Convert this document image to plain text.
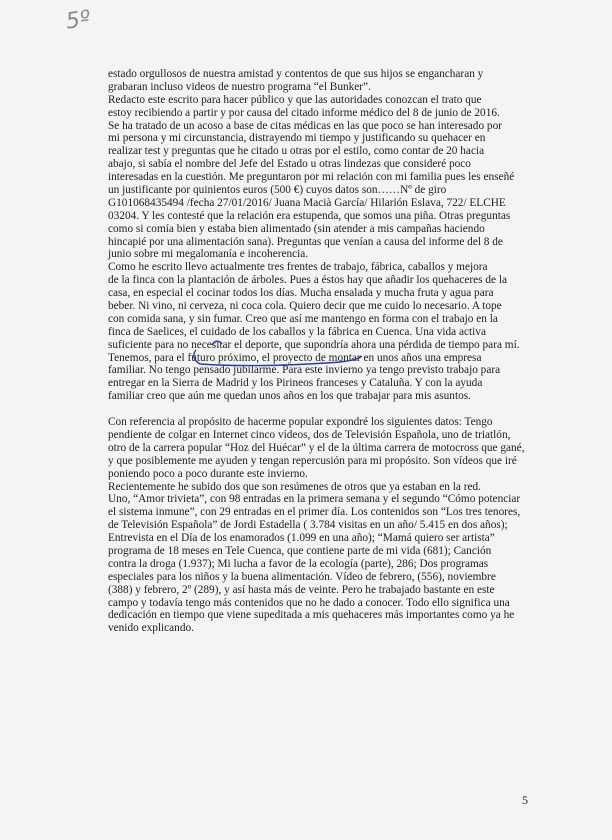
5º
estado orgullosos de nuestra amistad y contentos de que sus hijos se engancharan y
grabaran incluso videos de nuestro programa “el Bunker”.
Redacto este escrito para hacer público y que las autoridades conozcan el trato que
estoy recibiendo a partir y por causa del citado informe médico del 8 de junio de 2016.
Se ha tratado de un acoso a base de citas médicas en las que poco se han interesado por
mi persona y mi circunstancia, distrayendo mi tiempo y justificando su quehacer en
realizar test y preguntas que he citado u otras por el estilo, como contar de 20 hacia
abajo, si sabía el nombre del Jefe del Estado u otras lindezas que consideré poco
interesadas en la cuestión. Me preguntaron por mi relación con mi familia pues les enseñé
un justificante por quinientos euros (500 €) cuyos datos son……Nº de giro
G101068435494 /fecha 27/01/2016/ Juana Macià García/ Hilarión Eslava, 722/ ELCHE
03204. Y les contesté que la relación era estupenda, que somos una piña. Otras preguntas
como si comía bien y estaba bien alimentado (sin atender a mis campañas haciendo
hincapié por una alimentación sana). Preguntas que venían a causa del informe del 8 de
junio sobre mi megalomanía e incoherencia.
Como he escrito llevo actualmente tres frentes de trabajo, fábrica, caballos y mejora
de la finca con la plantación de árboles. Pues a éstos hay que añadir los quehaceres de la
casa, en especial el cocinar todos los días. Mucha ensalada y mucha fruta y agua para
beber. Ni vino, ni cerveza, ni coca cola. Quiero decir que me cuido lo necesario. A tope
con comida sana, y sin fumar. Creo que así me mantengo en forma con el trabajo en la
finca de Saelices, el cuidado de los caballos y la fábrica en Cuenca. Una vida activa
suficiente para no necesitar el deporte, que supondría ahora una pérdida de tiempo para mí.
Tenemos, para el futuro próximo, el proyecto de montar en unos años una empresa
familiar. No tengo pensado jubilarme. Para este invierno ya tengo previsto trabajo para
entregar en la Sierra de Madrid y los Pirineos franceses y Cataluña. Y con la ayuda
familiar creo que aún me quedan unos años en los que trabajar para mis asuntos.
Con referencia al propósito de hacerme popular expondré los siguientes datos: Tengo
pendiente de colgar en Internet cinco vídeos, dos de Televisión Española, uno de triatlón,
otro de la carrera popular “Hoz del Huécar” y el de la última carrera de motocross que gané,
y que posiblemente me ayuden y tengan repercusión para mi propósito. Son vídeos que iré
poniendo poco a poco durante este invierno.
Recientemente he subido dos que son resúmenes de otros que ya estaban en la red.
Uno, “Amor trivieta”, con 98 entradas en la primera semana y el segundo “Cómo potenciar
el sistema inmune”, con 29 entradas en el primer día. Los contenidos son “Los tres tenores,
de Televisión Española” de Jordi Estadella ( 3.784 visitas en un año/ 5.415 en dos años);
Entrevista en el Día de los enamorados (1.099 en una año); “Mamá quiero ser artista”
programa de 18 meses en Tele Cuenca, que contiene parte de mi vida (681); Canción
contra la droga (1.937); Mi lucha a favor de la ecología (parte), 286; Dos programas
especiales para los niños y la buena alimentación. Vídeo de febrero, (556), noviembre
(388) y febrero, 2º (289), y así hasta más de veinte. Pero he trabajado bastante en este
campo y todavía tengo más contenidos que no he dado a conocer. Todo ello significa una
dedicación en tiempo que viene supeditada a mis quehaceres más importantes como ya he
venido explicando.
5
